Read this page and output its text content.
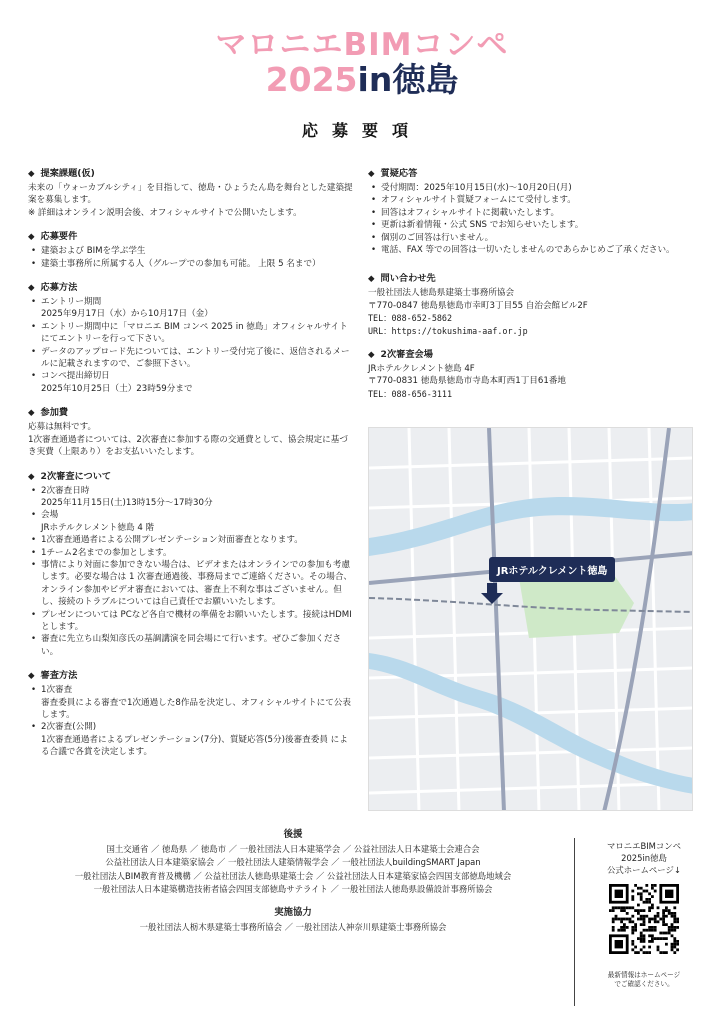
マロニエBIMコンペ
2025in徳島
応募要項
◆ 提案課題(仮)
未来の「ウォーカブルシティ」を目指して、徳島・ひょうたん島を舞台とした建築提案を募集します。
※ 詳細はオンライン説明会後、オフィシャルサイトで公開いたします。
◆ 応募要件
• 建築および BIMを学ぶ学生
• 建築士事務所に所属する人（グループでの参加も可能。 上限 5 名まで）
◆ 応募方法
• エントリー期間
2025年9月17日（水）から10月17日（金）
• エントリー期間中に「マロニエ BIM コンペ 2025 in 徳島」オフィシャルサイトにてエントリーを行って下さい。
• データのアップロード先については、エントリー受付完了後に、返信されるメールに記載されますので、ご参照下さい。
• コンペ提出締切日
2025年10月25日（土）23時59分まで
◆ 参加費
応募は無料です。
1次審査通過者については、2次審査に参加する際の交通費として、協会規定に基づき実費（上限あり）をお支払いいたします。
◆ 2次審査について
• 2次審査日時
2025年11月15日(土)13時15分～17時30分
• 会場
JRホテルクレメント徳島 4 階
• 1次審査通過者による公開プレゼンテーション対面審査となります。
• 1チーム2名までの参加とします。
• 事情により対面に参加できない場合は、ビデオまたはオンラインでの参加も考慮します。必要な場合は 1 次審査通過後、事務局までご連絡ください。その場合、オンライン参加やビデオ審査においては、審査上不利な事はございません。但し、接続のトラブルについては自己責任でお願いいたします。
• プレゼンについては PCなど各自で機材の準備をお願いいたします。接続はHDMIとします。
• 審査に先立ち山梨知彦氏の基調講演を同会場にて行います。ぜひご参加ください。
◆ 審査方法
• 1次審査
審査委員による審査で1次通過した8作品を決定し、オフィシャルサイトにて公表します。
• 2次審査(公開)
1次審査通過者によるプレゼンテーション(7分)、質疑応答(5分)後審査委員 による合議で各賞を決定します。
◆ 質疑応答
• 受付期間：2025年10月15日(水)～10月20日(月)
• オフィシャルサイト質疑フォームにて受付します。
• 回答はオフィシャルサイトに掲載いたします。
• 更新は新着情報・公式 SNS でお知らせいたします。
• 個別のご回答は行いません。
• 電話、FAX 等での回答は一切いたしませんのであらかじめご了承ください。
◆ 問い合わせ先
一般社団法人徳島県建築士事務所協会
〒770-0847 徳島県徳島市幸町3丁目55 自治会館ビル2F
TEL：088-652-5862
URL：https://tokushima-aaf.or.jp
◆ 2次審査会場
JRホテルクレメント徳島 4F
〒770-0831 徳島県徳島市寺島本町西1丁目61番地
TEL：088-656-3111
JRホテルクレメント徳島
後援
国土交通省 ／ 徳島県 ／ 徳島市 ／ 一般社団法人日本建築学会 ／ 公益社団法人日本建築士会連合会
公益社団法人日本建築家協会 ／ 一般社団法人建築情報学会 ／ 一般社団法人buildingSMART Japan
一般社団法人BIM教育普及機構 ／ 公益社団法人徳島県建築士会 ／ 公益社団法人日本建築家協会四国支部徳島地域会
一般社団法人日本建築構造技術者協会四国支部徳島サテライト ／ 一般社団法人徳島県設備設計事務所協会
実施協力
一般社団法人栃木県建築士事務所協会 ／ 一般社団法人神奈川県建築士事務所協会
マロニエBIMコンペ
2025in徳島
公式ホームページ↓
最新情報はホームページ
でご確認ください。
